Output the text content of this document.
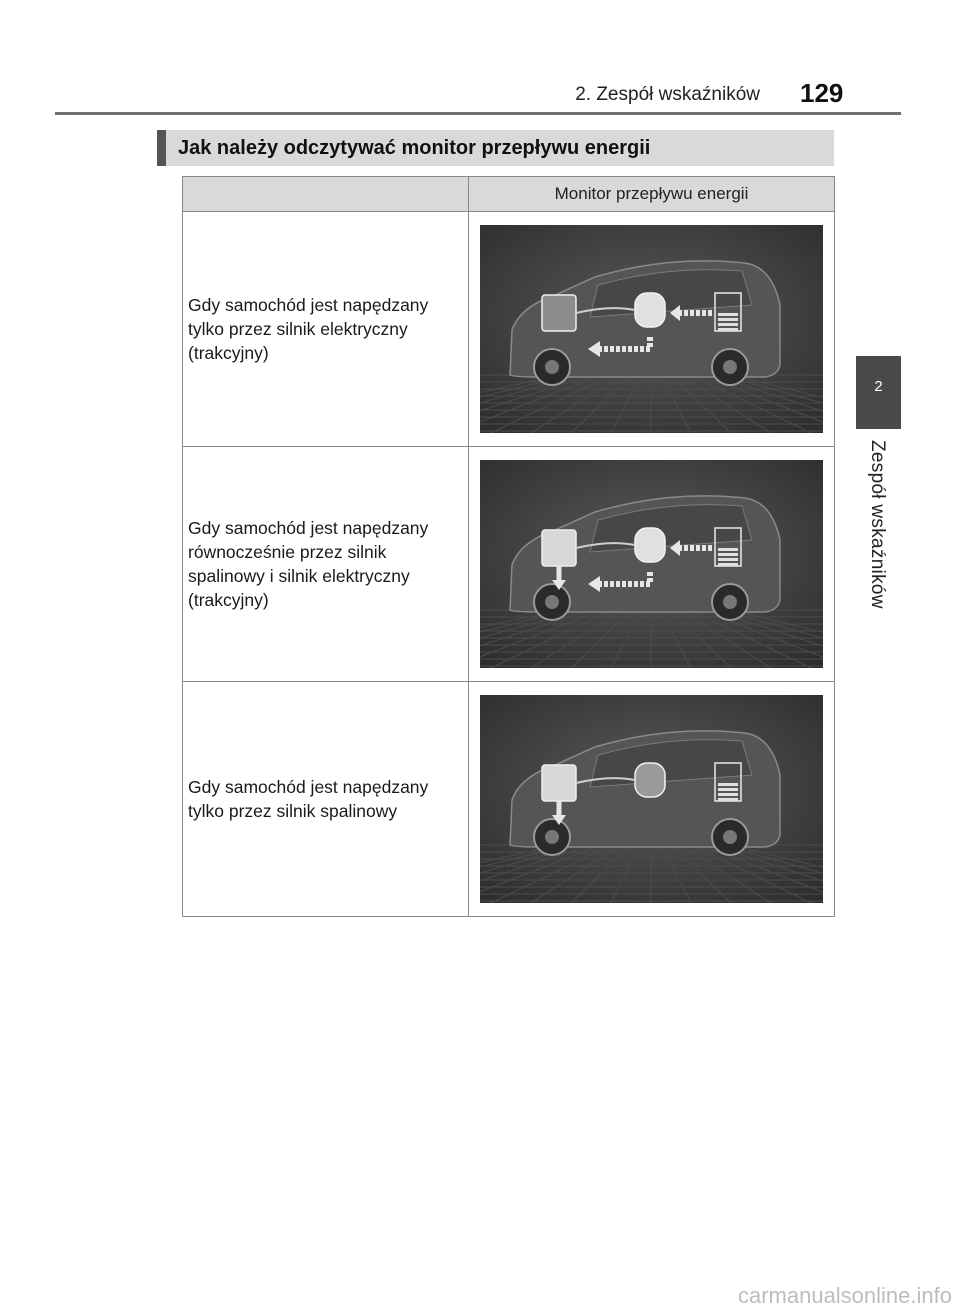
2. Zespół wskaźników 129
2
Zespół wskaźników
Jak należy odczytywać monitor przepływu energii
	Monitor przepływu energii
Gdy samochód jest napędzany tylko przez silnik elektryczny (trakcyjny)	

Gdy samochód jest napędzany równocześnie przez silnik spalinowy i silnik elektryczny (trakcyjny)	

Gdy samochód jest napędzany tylko przez silnik spalinowy	
carmanualsonline.info
